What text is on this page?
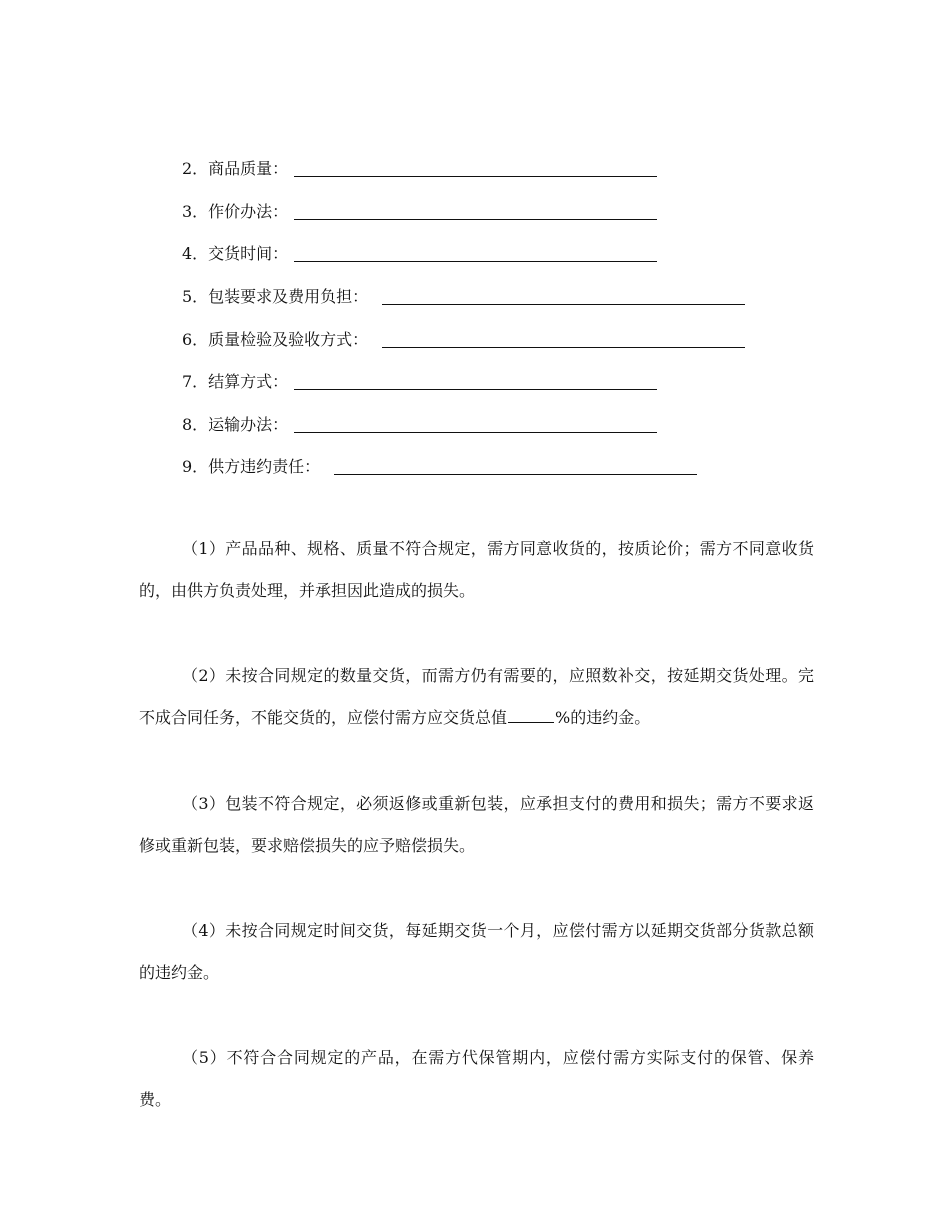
2．商品质量：
3．作价办法：
4．交货时间：
5．包装要求及费用负担：
6．质量检验及验收方式：
7．结算方式：
8．运输办法：
9．供方违约责任：

（1）产品品种、规格、质量不符合规定，需方同意收货的，按质论价；需方不同意收货的，由供方负责处理，并承担因此造成的损失。

（2）未按合同规定的数量交货，而需方仍有需要的，应照数补交，按延期交货处理。完不成合同任务，不能交货的，应偿付需方应交货总值	%的违约金。

（3）包装不符合规定，必须返修或重新包装，应承担支付的费用和损失；需方不要求返修或重新包装，要求赔偿损失的应予赔偿损失。

（4）未按合同规定时间交货，每延期交货一个月，应偿付需方以延期交货部分货款总额的违约金。

（5）不符合合同规定的产品，在需方代保管期内，应偿付需方实际支付的保管、保养费。
